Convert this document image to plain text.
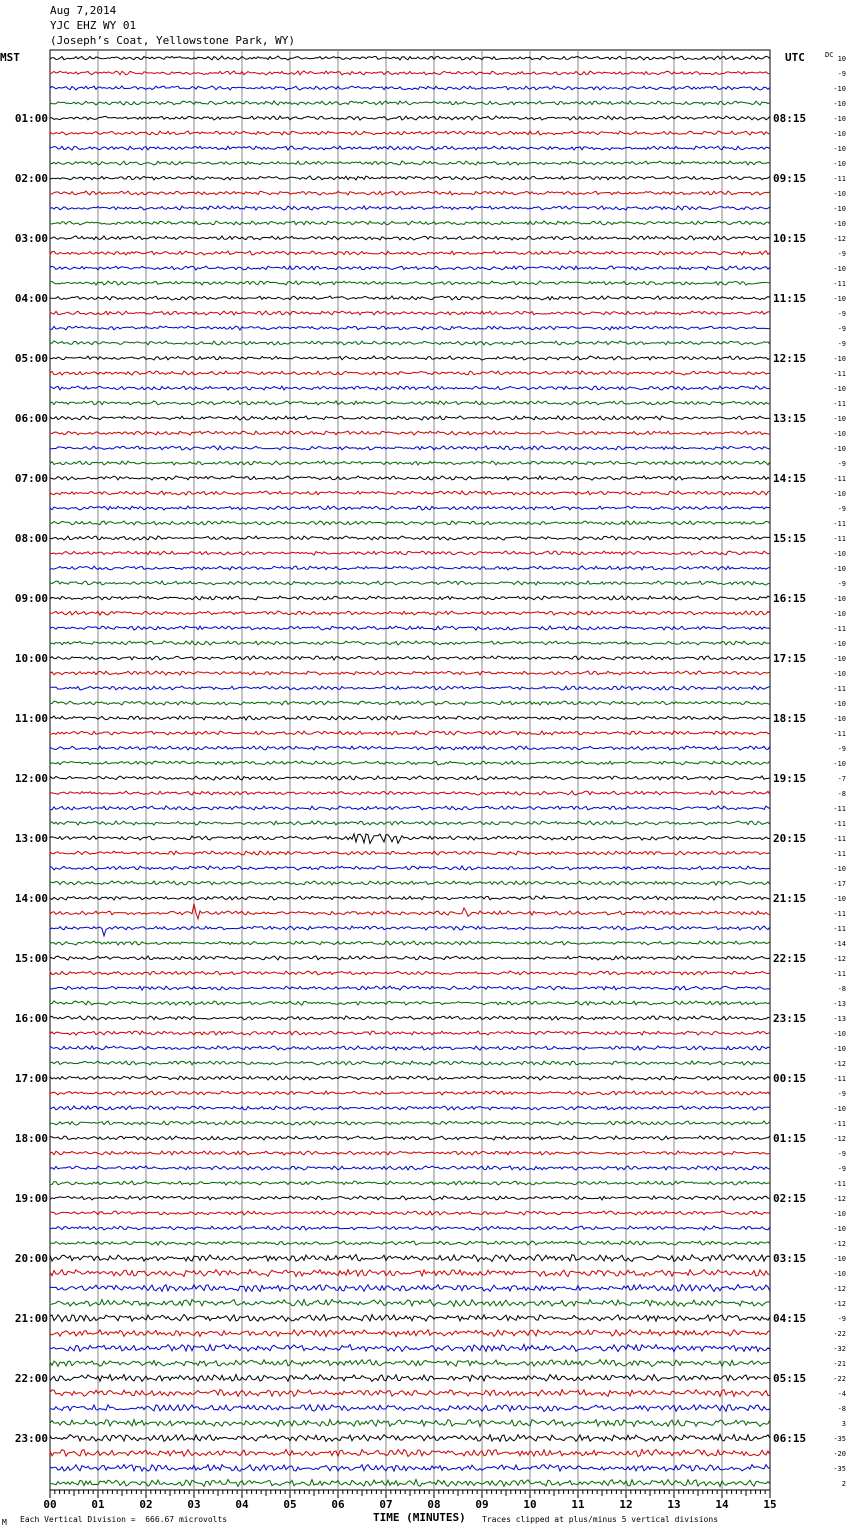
Aug 7,2014
YJC EHZ WY 01
(Joseph’s Coat, Yellowstone Park, WY)
10
-9
-10
-10
-10
-10
-10
-10
-11
-10
-10
-10
-12
-9
-10
-11
-10
-9
-9
-9
-10
-11
-10
-11
-10
-10
-10
-9
-11
-10
-9
-11
-11
-10
-10
-9
-10
-10
-11
-10
-10
-10
-11
-10
-10
-11
-9
-10
-7
-8
-11
-11
-11
-11
-10
-17
-10
-11
-11
-14
-12
-11
-8
-13
-13
-10
-10
-12
-11
-9
-10
-11
-12
-9
-9
-11
-12
-10
-10
-12
-10
-10
-12
-12
-9
-22
-32
-21
-22
-4
-8
3
-35
-20
-35
2
01:00
02:00
03:00
04:00
05:00
06:00
07:00
08:00
09:00
10:00
11:00
12:00
13:00
14:00
15:00
16:00
17:00
18:00
19:00
20:00
21:00
22:00
23:00
08:15
09:15
10:15
11:15
12:15
13:15
14:15
15:15
16:15
17:15
18:15
19:15
20:15
21:15
22:15
23:15
00:15
01:15
02:15
03:15
04:15
05:15
06:15
MST	UTC	DC
00	01	02	03	04	05	06	07	08	09	10	11	12	13	14	15
M Each Vertical Division =  666.67 microvolts	TIME (MINUTES) Traces clipped at plus/minus 5 vertical divisions
